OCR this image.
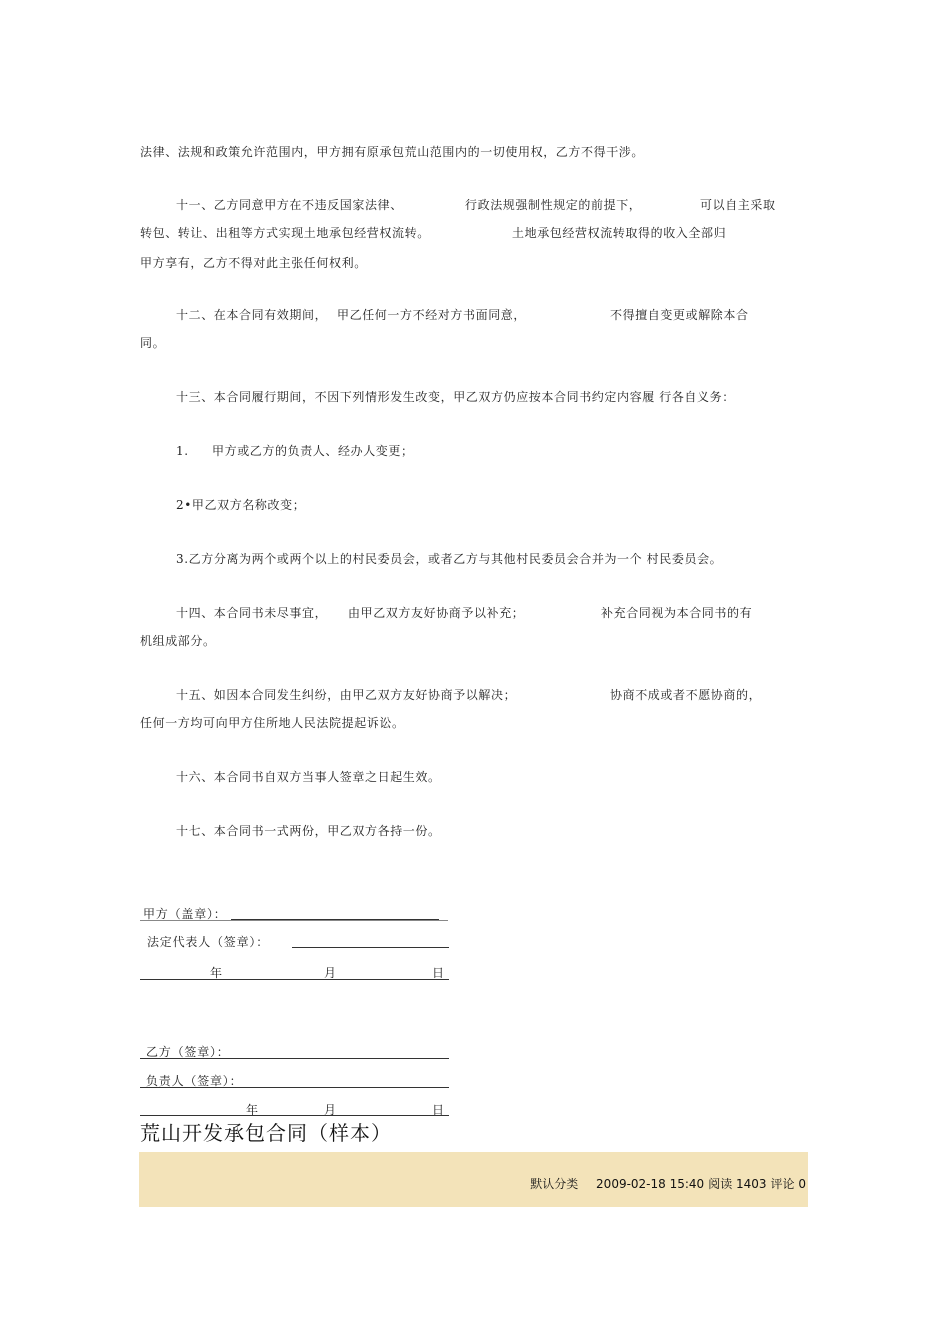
法律、法规和政策允许范围内，甲方拥有原承包荒山范围内的一切使用权，乙方不得干涉。
十一、乙方同意甲方在不违反国家法律、	行政法规强制性规定的前提下，	可以自主采取
转包、转让、出租等方式实现土地承包经营权流转。	土地承包经营权流转取得的收入全部归
甲方享有，乙方不得对此主张任何权利。
十二、在本合同有效期间， 甲乙任何一方不经对方书面同意，	不得擅自变更或解除本合
同。
十三、本合同履行期间，不因下列情形发生改变，甲乙双方仍应按本合同书约定内容履 行各自义务：
1. 甲方或乙方的负责人、经办人变更；
2•甲乙双方名称改变；
3.乙方分离为两个或两个以上的村民委员会，或者乙方与其他村民委员会合并为一个 村民委员会。
十四、本合同书未尽事宜， 由甲乙双方友好协商予以补充；	补充合同视为本合同书的有
机组成部分。
十五、如因本合同发生纠纷，由甲乙双方友好协商予以解决；	协商不成或者不愿协商的，
任何一方均可向甲方住所地人民法院提起诉讼。
十六、本合同书自双方当事人签章之日起生效。
十七、本合同书一式两份，甲乙双方各持一份。
甲方（盖章）：
法定代表人（签章）：
年	月	日
乙方（签章）：
负责人（签章）：
年	月	日
荒山开发承包合同（样本）
默认分类 2009-02-18 15:40 阅读 1403 评论 0
